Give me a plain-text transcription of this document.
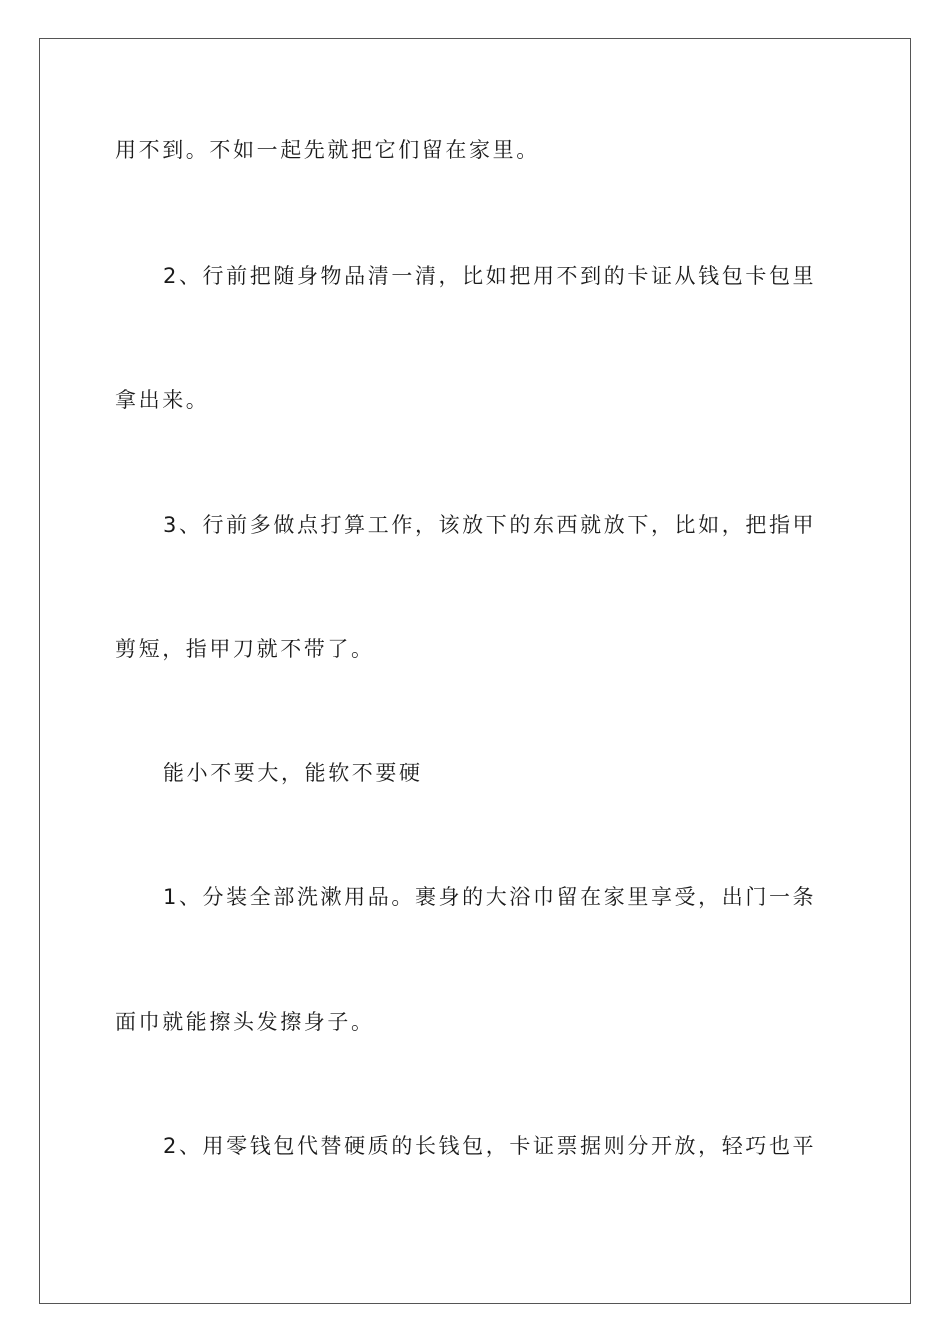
用不到。不如一起先就把它们留在家里。
2、行前把随身物品清一清，比如把用不到的卡证从钱包卡包里
拿出来。
3、行前多做点打算工作，该放下的东西就放下，比如，把指甲
剪短，指甲刀就不带了。
能小不要大，能软不要硬
1、分装全部洗漱用品。裹身的大浴巾留在家里享受，出门一条
面巾就能擦头发擦身子。
2、用零钱包代替硬质的长钱包，卡证票据则分开放，轻巧也平
